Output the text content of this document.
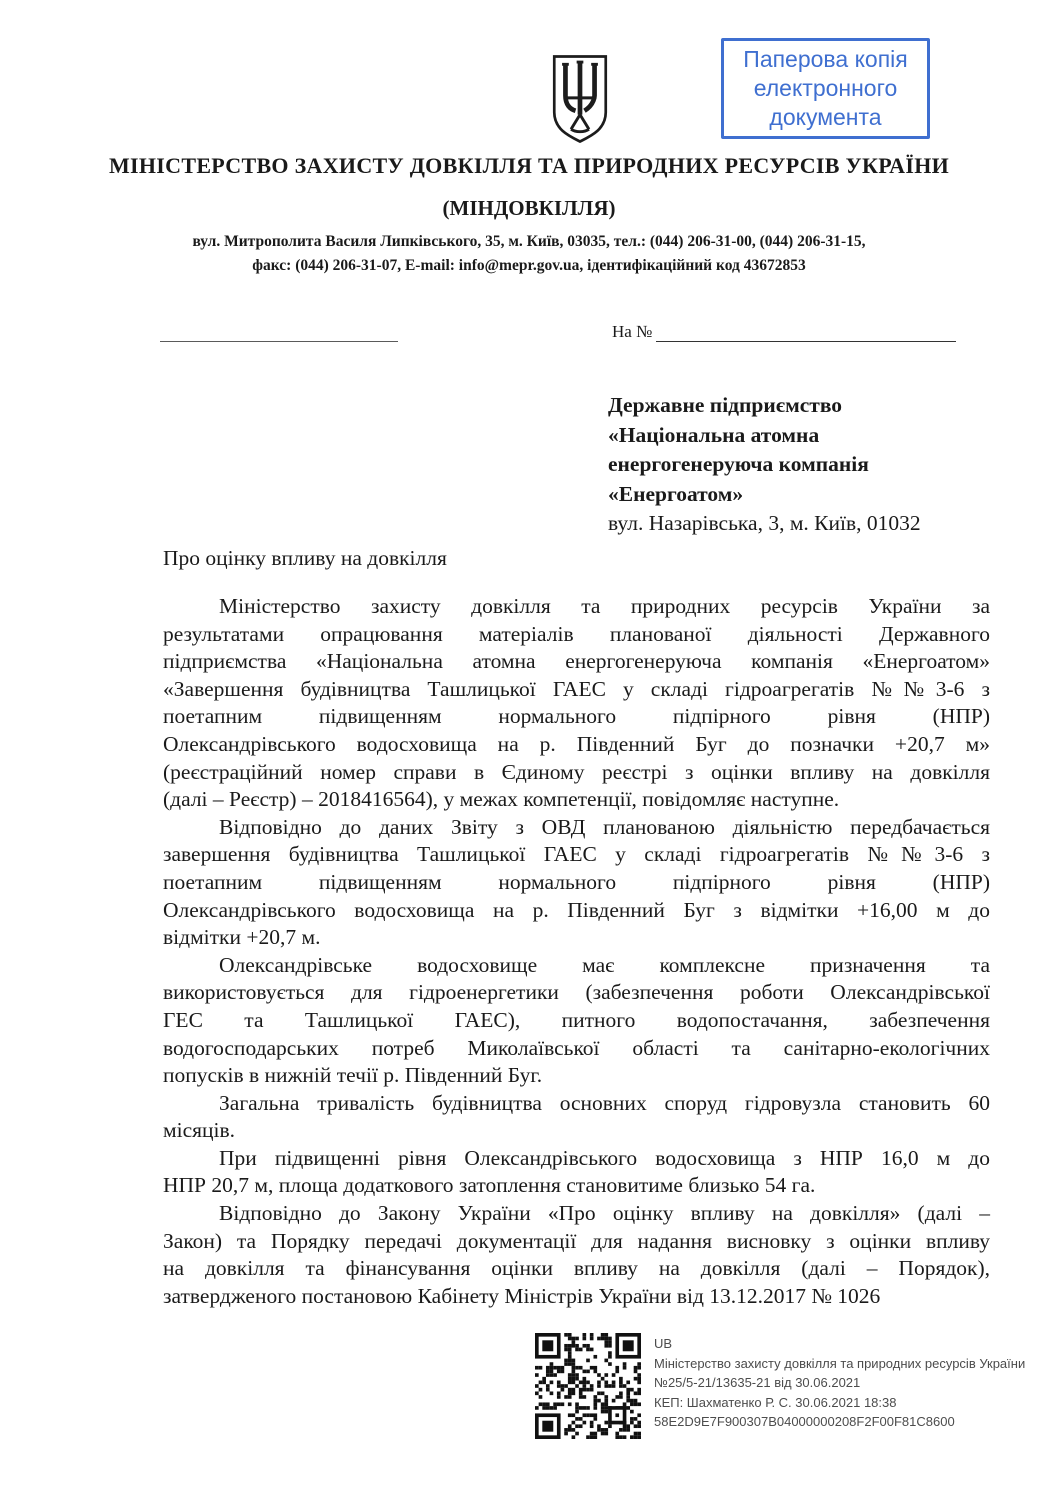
Паперова копія
електронного
документа
МІНІСТЕРСТВО ЗАХИСТУ ДОВКІЛЛЯ ТА ПРИРОДНИХ РЕСУРСІВ УКРАЇНИ
(МІНДОВКІЛЛЯ)
вул. Митрополита Василя Липківського, 35, м. Київ, 03035, тел.: (044) 206-31-00, (044) 206-31-15,
факс: (044) 206-31-07, E-mail: info@mepr.gov.ua, ідентифікаційний код 43672853
На №
Державне підприємство
«Національна атомна
енергогенеруюча компанія
«Енергоатом»
вул. Назарівська, 3, м. Київ, 01032
Про оцінку впливу на довкілля
Міністерство захисту довкілля та природних ресурсів України за
результатами опрацювання матеріалів планованої діяльності Державного
підприємства «Національна атомна енергогенеруюча компанія «Енергоатом»
«Завершення будівництва Ташлицької ГАЕС у складі гідроагрегатів №№3-6 з
поетапним підвищенням нормального підпірного рівня (НПР)
Олександрівського водосховища на р. Південний Буг до позначки +20,7 м»
(реєстраційний номер справи в Єдиному реєстрі з оцінки впливу на довкілля
(далі – Реєстр) – 2018416564), у межах компетенції, повідомляє наступне.
Відповідно до даних Звіту з ОВД планованою діяльністю передбачається
завершення будівництва Ташлицької ГАЕС у складі гідроагрегатів №№3-6 з
поетапним підвищенням нормального підпірного рівня (НПР)
Олександрівського водосховища на р. Південний Буг з відмітки +16,00 м до
відмітки +20,7 м.
Олександрівське водосховище має комплексне призначення та
використовується для гідроенергетики (забезпечення роботи Олександрівської
ГЕС та Ташлицької ГАЕС), питного водопостачання, забезпечення
водогосподарських потреб Миколаївської області та санітарно-екологічних
попусків в нижній течії р. Південний Буг.
Загальна тривалість будівництва основних споруд гідровузла становить 60
місяців.
При підвищенні рівня Олександрівського водосховища з НПР 16,0 м до
НПР 20,7 м, площа додаткового затоплення становитиме близько 54 га.
Відповідно до Закону України «Про оцінку впливу на довкілля» (далі –
Закон) та Порядку передачі документації для надання висновку з оцінки впливу
на довкілля та фінансування оцінки впливу на довкілля (далі – Порядок),
затвердженого постановою Кабінету Міністрів України від 13.12.2017 № 1026
UB
Міністерство захисту довкілля та природних ресурсів України
№25/5-21/13635-21 від 30.06.2021
КЕП: Шахматенко Р. С. 30.06.2021 18:38
58E2D9E7F900307B04000000208F2F00F81C8600
